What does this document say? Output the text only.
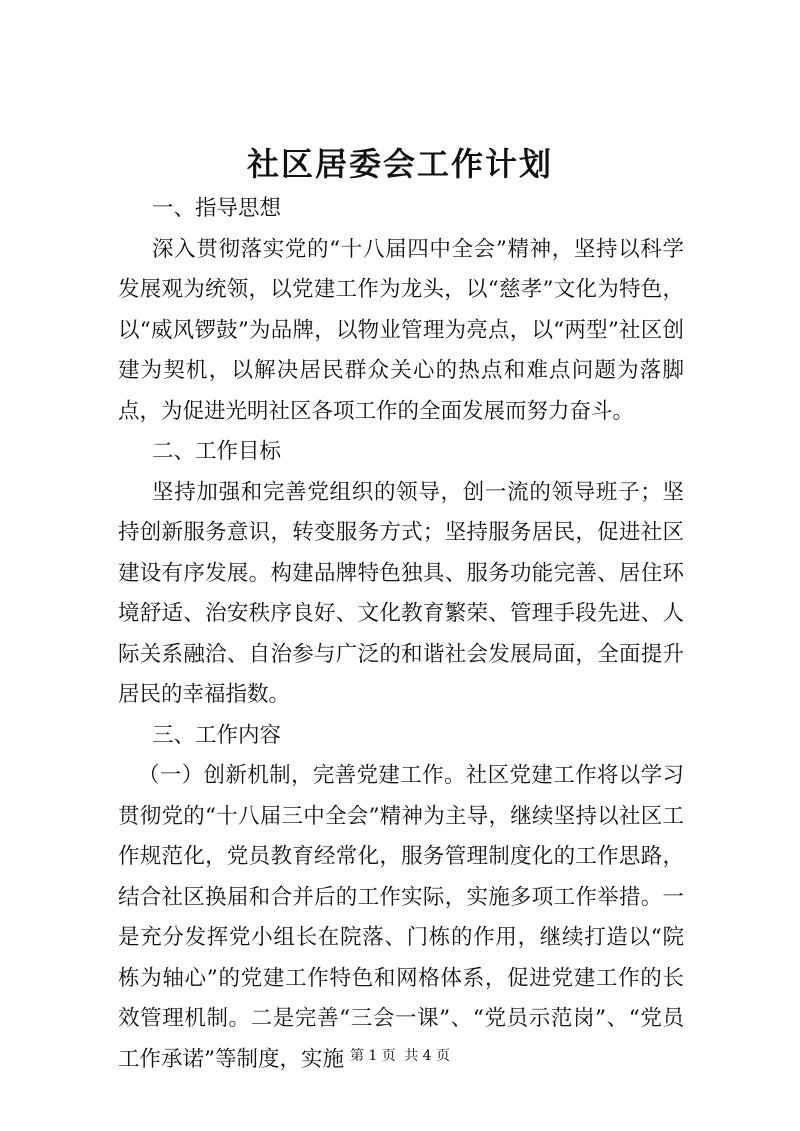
社区居委会工作计划

一、指导思想

深入贯彻落实党的“十八届四中全会”精神，坚持以科学发展观为统领，以党建工作为龙头，以“慈孝”文化为特色，以“威风锣鼓”为品牌，以物业管理为亮点，以“两型”社区创建为契机，以解决居民群众关心的热点和难点问题为落脚点，为促进光明社区各项工作的全面发展而努力奋斗。

二、工作目标

坚持加强和完善党组织的领导，创一流的领导班子；坚持创新服务意识，转变服务方式；坚持服务居民，促进社区建设有序发展。构建品牌特色独具、服务功能完善、居住环境舒适、治安秩序良好、文化教育繁荣、管理手段先进、人际关系融洽、自治参与广泛的和谐社会发展局面，全面提升居民的幸福指数。

三、工作内容

（一）创新机制，完善党建工作。社区党建工作将以学习贯彻党的“十八届三中全会”精神为主导，继续坚持以社区工作规范化，党员教育经常化，服务管理制度化的工作思路，结合社区换届和合并后的工作实际，实施多项工作举措。一是充分发挥党小组长在院落、门栋的作用，继续打造以“院栋为轴心”的党建工作特色和网格体系，促进党建工作的长效管理机制。二是完善“三会一课”、“党员示范岗”、“党员工作承诺”等制度，实施 第 1 页 共 4 页
